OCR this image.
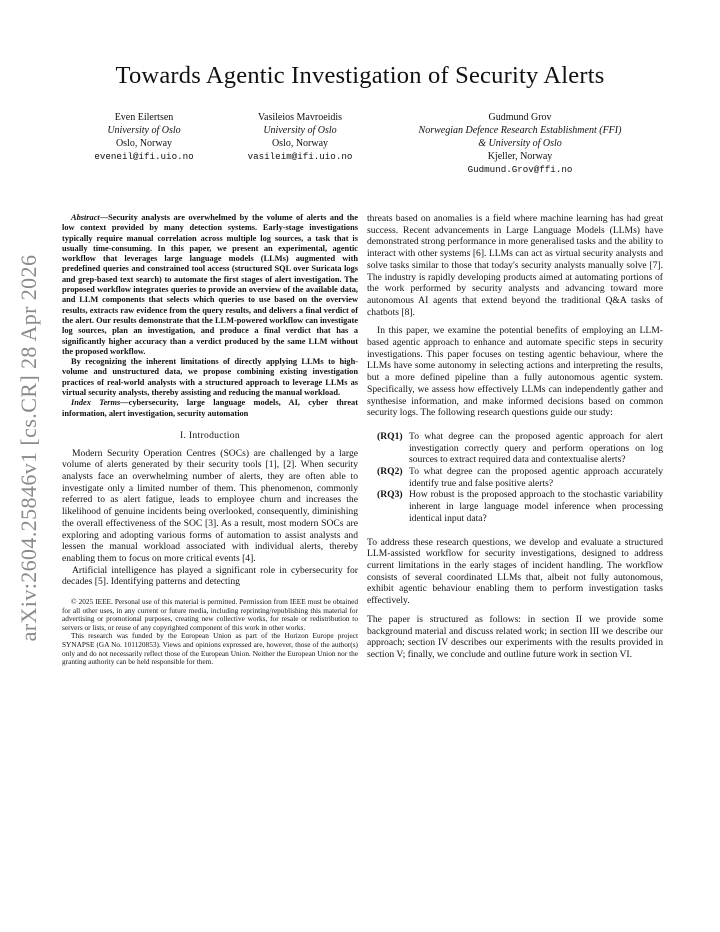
arXiv:2604.25846v1 [cs.CR] 28 Apr 2026
Towards Agentic Investigation of Security Alerts
Even Eilertsen
University of Oslo
Oslo, Norway
eveneil@ifi.uio.no
Vasileios Mavroeidis
University of Oslo
Oslo, Norway
vasileim@ifi.uio.no
Gudmund Grov
Norwegian Defence Research Establishment (FFI)
& University of Oslo
Kjeller, Norway
Gudmund.Grov@ffi.no

Abstract—Security analysts are overwhelmed by the volume of alerts and the low context provided by many detection systems. Early-stage investigations typically require manual correlation across multiple log sources, a task that is usually time-consuming. In this paper, we present an experimental, agentic workflow that leverages large language models (LLMs) augmented with predefined queries and constrained tool access (structured SQL over Suricata logs and grep-based text search) to automate the first stages of alert investigation. The proposed workflow integrates queries to provide an overview of the available data, and LLM components that selects which queries to use based on the overview results, extracts raw evidence from the query results, and delivers a final verdict of the alert. Our results demonstrate that the LLM-powered workflow can investigate log sources, plan an investigation, and produce a final verdict that has a significantly higher accuracy than a verdict produced by the same LLM without the proposed workflow.

By recognizing the inherent limitations of directly applying LLMs to high-volume and unstructured data, we propose combining existing investigation practices of real-world analysts with a structured approach to leverage LLMs as virtual security analysts, thereby assisting and reducing the manual workload.

Index Terms—cybersecurity, large language models, AI, cyber threat information, alert investigation, security automation

I. Introduction

Modern Security Operation Centres (SOCs) are challenged by a large volume of alerts generated by their security tools [1], [2]. When security analysts face an overwhelming number of alerts, they are often able to investigate only a limited number of them. This phenomenon, commonly referred to as alert fatigue, leads to employee churn and increases the likelihood of genuine incidents being overlooked, consequently, diminishing the overall effectiveness of the SOC [3]. As a result, most modern SOCs are exploring and adopting various forms of automation to assist analysts and lessen the manual workload associated with individual alerts, thereby enabling them to focus on more critical events [4].

Artificial intelligence has played a significant role in cybersecurity for decades [5]. Identifying patterns and detecting

© 2025 IEEE. Personal use of this material is permitted. Permission from IEEE must be obtained for all other uses, in any current or future media, including reprinting/republishing this material for advertising or promotional purposes, creating new collective works, for resale or redistribution to servers or lists, or reuse of any copyrighted component of this work in other works.

This research was funded by the European Union as part of the Horizon Europe project SYNAPSE (GA No. 101120853). Views and opinions expressed are, however, those of the author(s) only and do not necessarily reflect those of the European Union. Neither the European Union nor the granting authority can be held responsible for them.

threats based on anomalies is a field where machine learning has had great success. Recent advancements in Large Language Models (LLMs) have demonstrated strong performance in more generalised tasks and the ability to interact with other systems [6]. LLMs can act as virtual security analysts and solve tasks similar to those that today's security analysts manually solve [7]. The industry is rapidly developing products aimed at automating portions of the work performed by security analysts and advancing toward more autonomous AI agents that extend beyond the traditional Q&A tasks of chatbots [8].

In this paper, we examine the potential benefits of employing an LLM-based agentic approach to enhance and automate specific steps in security investigations. This paper focuses on testing agentic behaviour, where the LLMs have some autonomy in selecting actions and interpreting the results, but a more defined pipeline than a fully autonomous agentic system. Specifically, we assess how effectively LLMs can independently gather and synthesise information, and make informed decisions based on common security logs. The following research questions guide our study:

(RQ1) To what degree can the proposed agentic approach for alert investigation correctly query and perform operations on log sources to extract required data and contextualise alerts?

(RQ2) To what degree can the proposed agentic approach accurately identify true and false positive alerts?

(RQ3) How robust is the proposed approach to the stochastic variability inherent in large language model inference when processing identical input data?

To address these research questions, we develop and evaluate a structured LLM-assisted workflow for security investigations, designed to address current limitations in the early stages of incident handling. The workflow consists of several coordinated LLMs that, albeit not fully autonomous, exhibit agentic behaviour enabling them to perform investigation tasks effectively.

The paper is structured as follows: in section II we provide some background material and discuss related work; in section III we describe our approach; section IV describes our experiments with the results provided in section V; finally, we conclude and outline future work in section VI.
